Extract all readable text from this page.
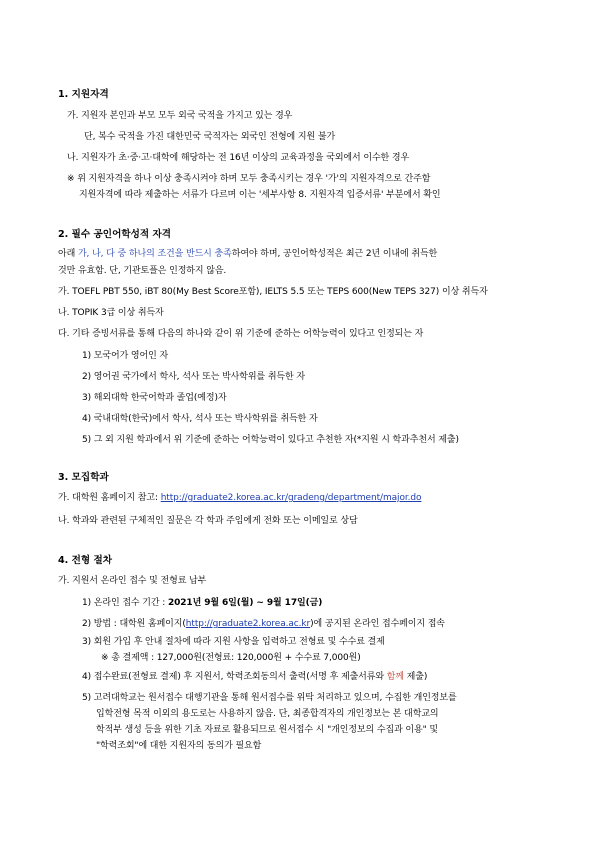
1. 지원자격
가. 지원자 본인과 부모 모두 외국 국적을 가지고 있는 경우
단, 복수 국적을 가진 대한민국 국적자는 외국인 전형에 지원 불가
나. 지원자가 초·중·고·대학에 해당하는 전 16년 이상의 교육과정을 국외에서 이수한 경우
※ 위 지원자격을 하나 이상 충족시켜야 하며 모두 충족시키는 경우 '가'의 지원자격으로 간주함
지원자격에 따라 제출하는 서류가 다르며 이는 '세부사항 8. 지원자격 입증서류' 부분에서 확인
2. 필수 공인어학성적 자격
아래 가, 나, 다 중 하나의 조건을 반드시 충족하여야 하며, 공인어학성적은 최근 2년 이내에 취득한
것만 유효함. 단, 기관토플은 인정하지 않음.
가. TOEFL PBT 550, iBT 80(My Best Score포함), IELTS 5.5 또는 TEPS 600(New TEPS 327) 이상 취득자
나. TOPIK 3급 이상 취득자
다. 기타 증빙서류를 통해 다음의 하나와 같이 위 기준에 준하는 어학능력이 있다고 인정되는 자
1) 모국어가 영어인 자
2) 영어권 국가에서 학사, 석사 또는 박사학위를 취득한 자
3) 해외대학 한국어학과 졸업(예정)자
4) 국내대학(한국)에서 학사, 석사 또는 박사학위를 취득한 자
5) 그 외 지원 학과에서 위 기준에 준하는 어학능력이 있다고 추천한 자(*지원 시 학과추천서 제출)
3. 모집학과
가. 대학원 홈페이지 참고: http://graduate2.korea.ac.kr/gradeng/department/major.do
나. 학과와 관련된 구체적인 질문은 각 학과 주임에게 전화 또는 이메일로 상담
4. 전형 절차
가. 지원서 온라인 접수 및 전형료 납부
1) 온라인 접수 기간 : 2021년 9월 6일(월) ~ 9월 17일(금)
2) 방법 : 대학원 홈페이지(http://graduate2.korea.ac.kr)에 공지된 온라인 접수페이지 접속
3) 회원 가입 후 안내 절차에 따라 지원 사항을 입력하고 전형료 및 수수료 결제
※ 총 결제액 : 127,000원(전형료: 120,000원 + 수수료 7,000원)
4) 접수완료(전형료 결제) 후 지원서, 학력조회동의서 출력(서명 후 제출서류와 함께 제출)
5) 고려대학교는 원서접수 대행기관을 통해 원서접수를 위탁 처리하고 있으며, 수집한 개인정보를
입학전형 목적 이외의 용도로는 사용하지 않음. 단, 최종합격자의 개인정보는 본 대학교의
학적부 생성 등을 위한 기초 자료로 활용되므로 원서접수 시 "개인정보의 수집과 이용" 및
"학력조회"에 대한 지원자의 동의가 필요함
